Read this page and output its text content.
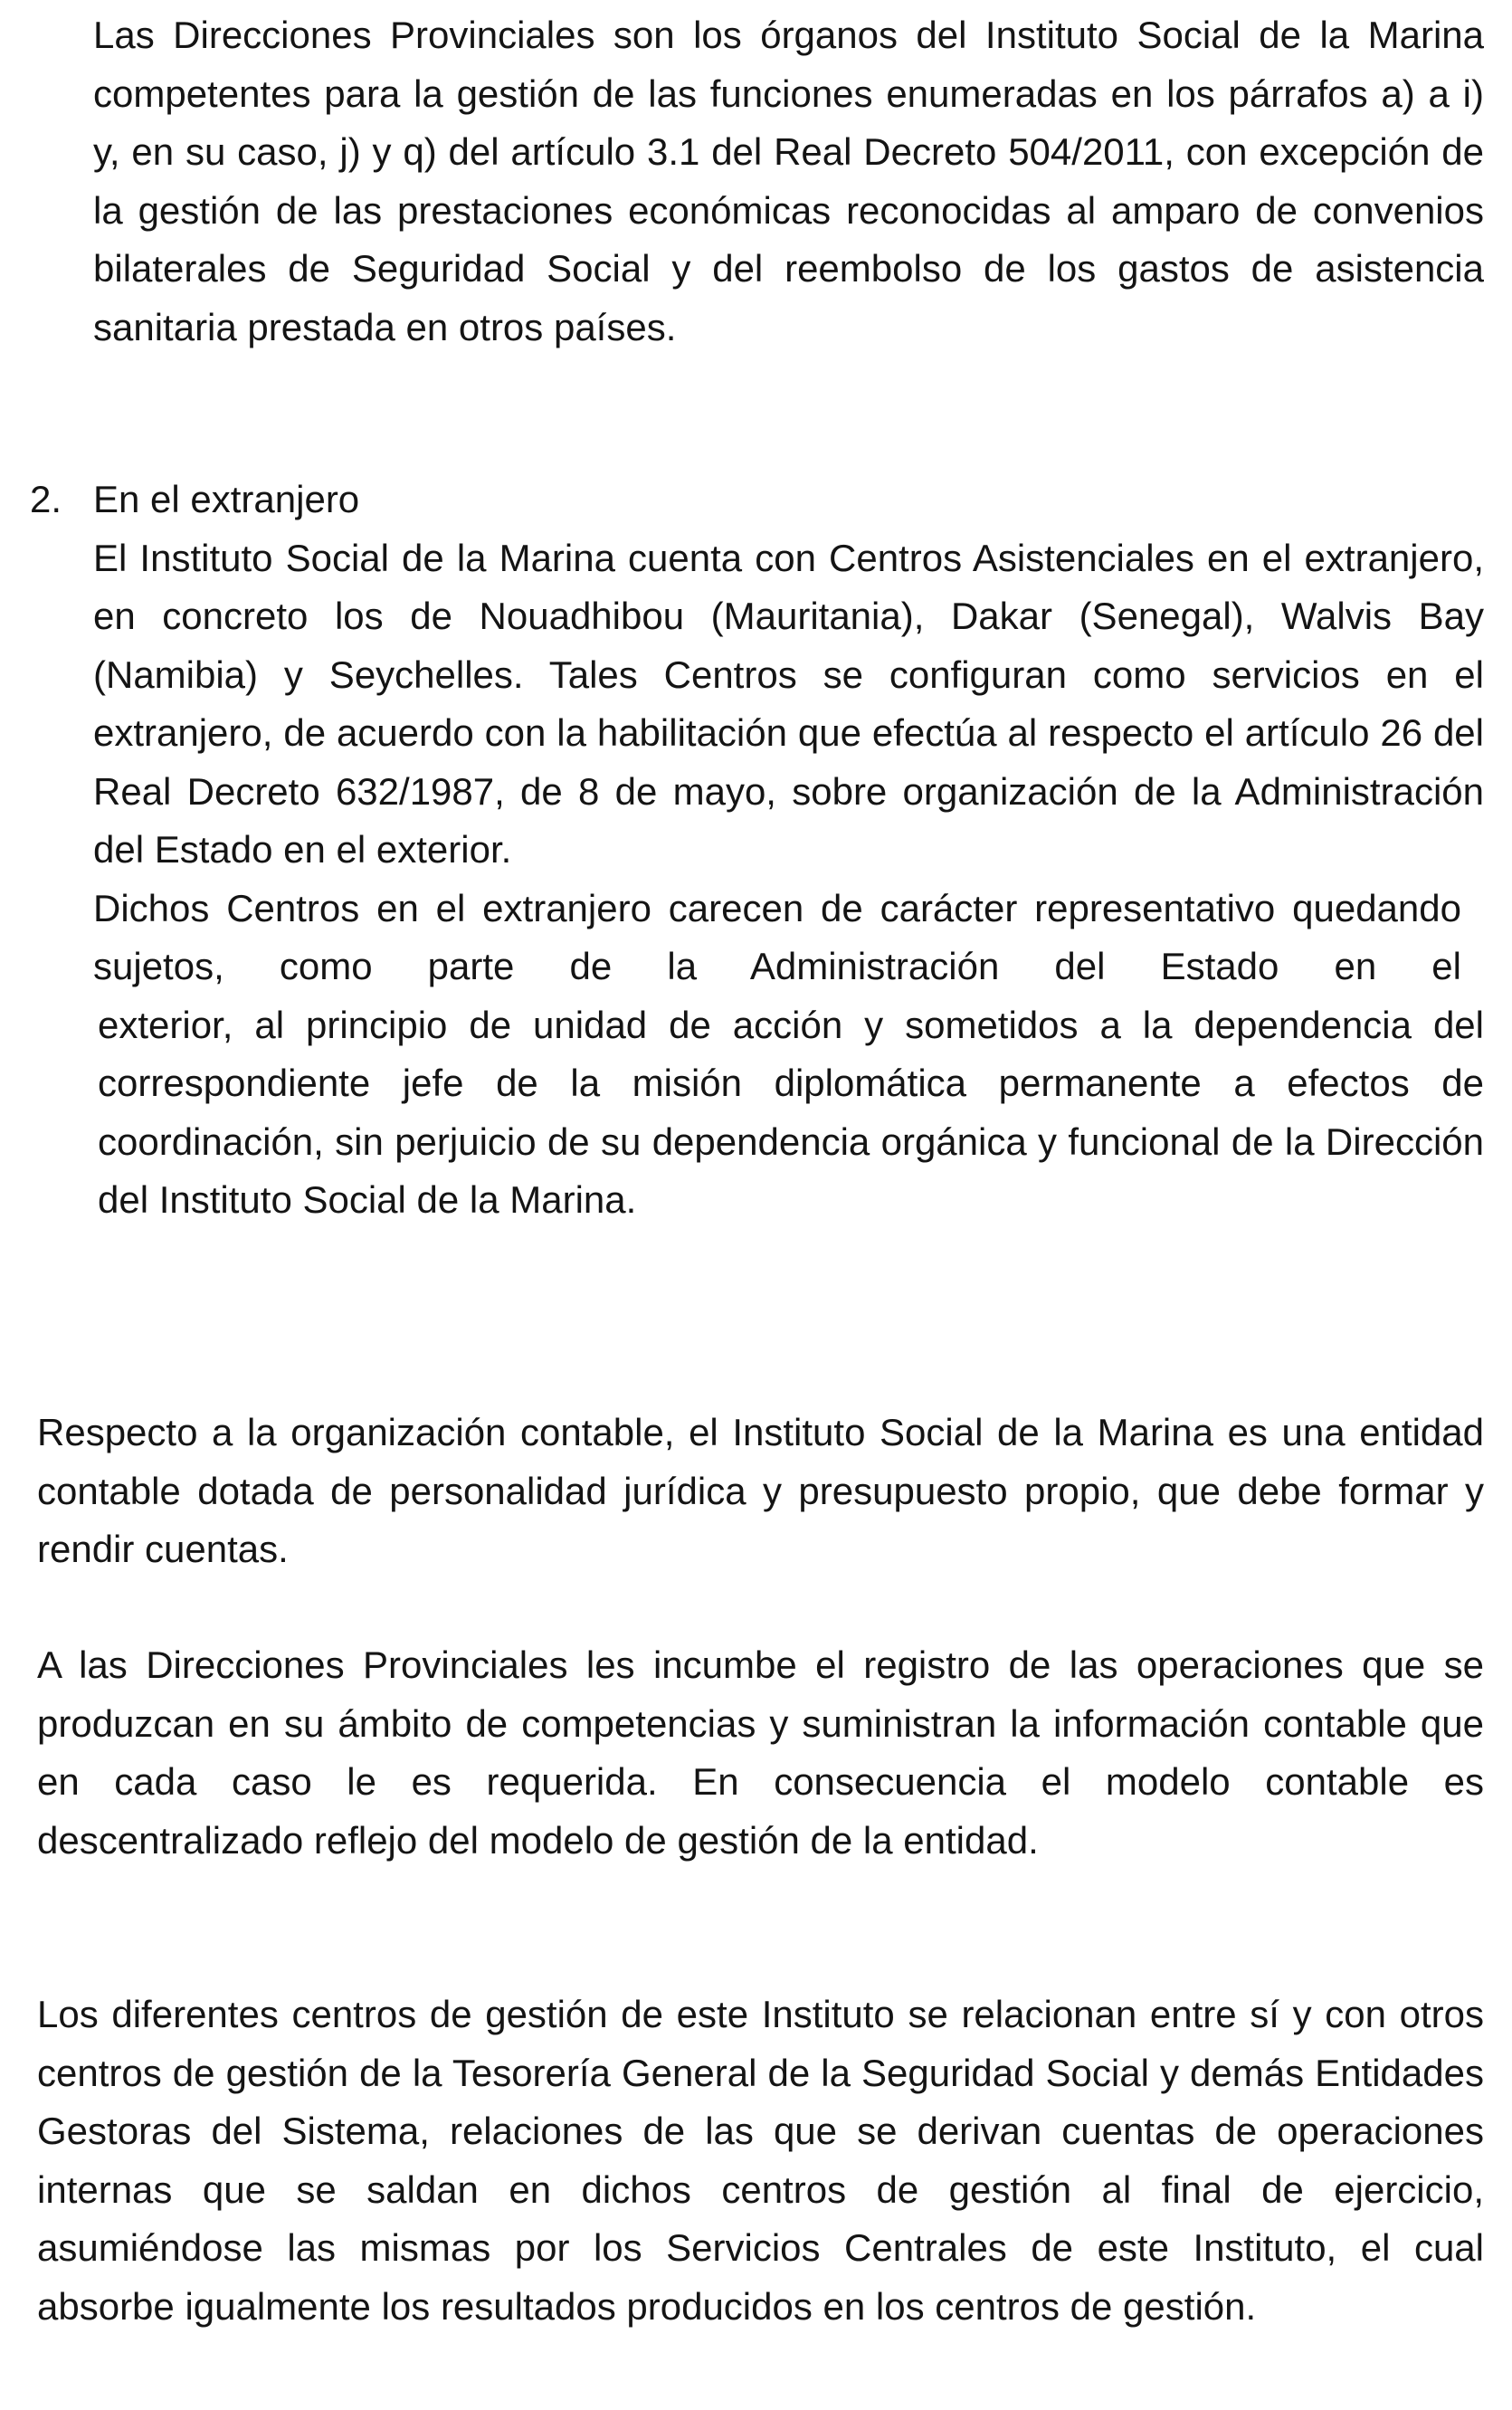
Las Direcciones Provinciales son los órganos del Instituto Social de la Marina competentes para la gestión de las funciones enumeradas en los párrafos a) a i) y, en su caso, j) y q) del artículo 3.1 del Real Decreto 504/2011, con excepción de la gestión de las prestaciones económicas reconocidas al amparo de convenios bilaterales de Seguridad Social y del reembolso de los gastos de asistencia sanitaria prestada en otros países.

2. En el extranjero

El Instituto Social de la Marina cuenta con Centros Asistenciales en el extranjero, en concreto los de Nouadhibou (Mauritania), Dakar (Senegal), Walvis Bay (Namibia) y Seychelles. Tales Centros se configuran como servicios en el extranjero, de acuerdo con la habilitación que efectúa al respecto el artículo 26 del Real Decreto 632/1987, de 8 de mayo, sobre organización de la Administración del Estado en el exterior.

Dichos Centros en el extranjero carecen de carácter representativo quedando sujetos, como parte de la Administración del Estado en el

exterior, al principio de unidad de acción y sometidos a la dependencia del correspondiente jefe de la misión diplomática permanente a efectos de coordinación, sin perjuicio de su dependencia orgánica y funcional de la Dirección del Instituto Social de la Marina.

Respecto a la organización contable, el Instituto Social de la Marina es una entidad contable dotada de personalidad jurídica y presupuesto propio, que debe formar y rendir cuentas.

A las Direcciones Provinciales les incumbe el registro de las operaciones que se produzcan en su ámbito de competencias y suministran la información contable que en cada caso le es requerida. En consecuencia el modelo contable es descentralizado reflejo del modelo de gestión de la entidad.

Los diferentes centros de gestión de este Instituto se relacionan entre sí y con otros centros de gestión de la Tesorería General de la Seguridad Social y demás Entidades Gestoras del Sistema, relaciones de las que se derivan cuentas de operaciones internas que se saldan en dichos centros de gestión al final de ejercicio, asumiéndose las mismas por los Servicios Centrales de este Instituto, el cual absorbe igualmente los resultados producidos en los centros de gestión.
